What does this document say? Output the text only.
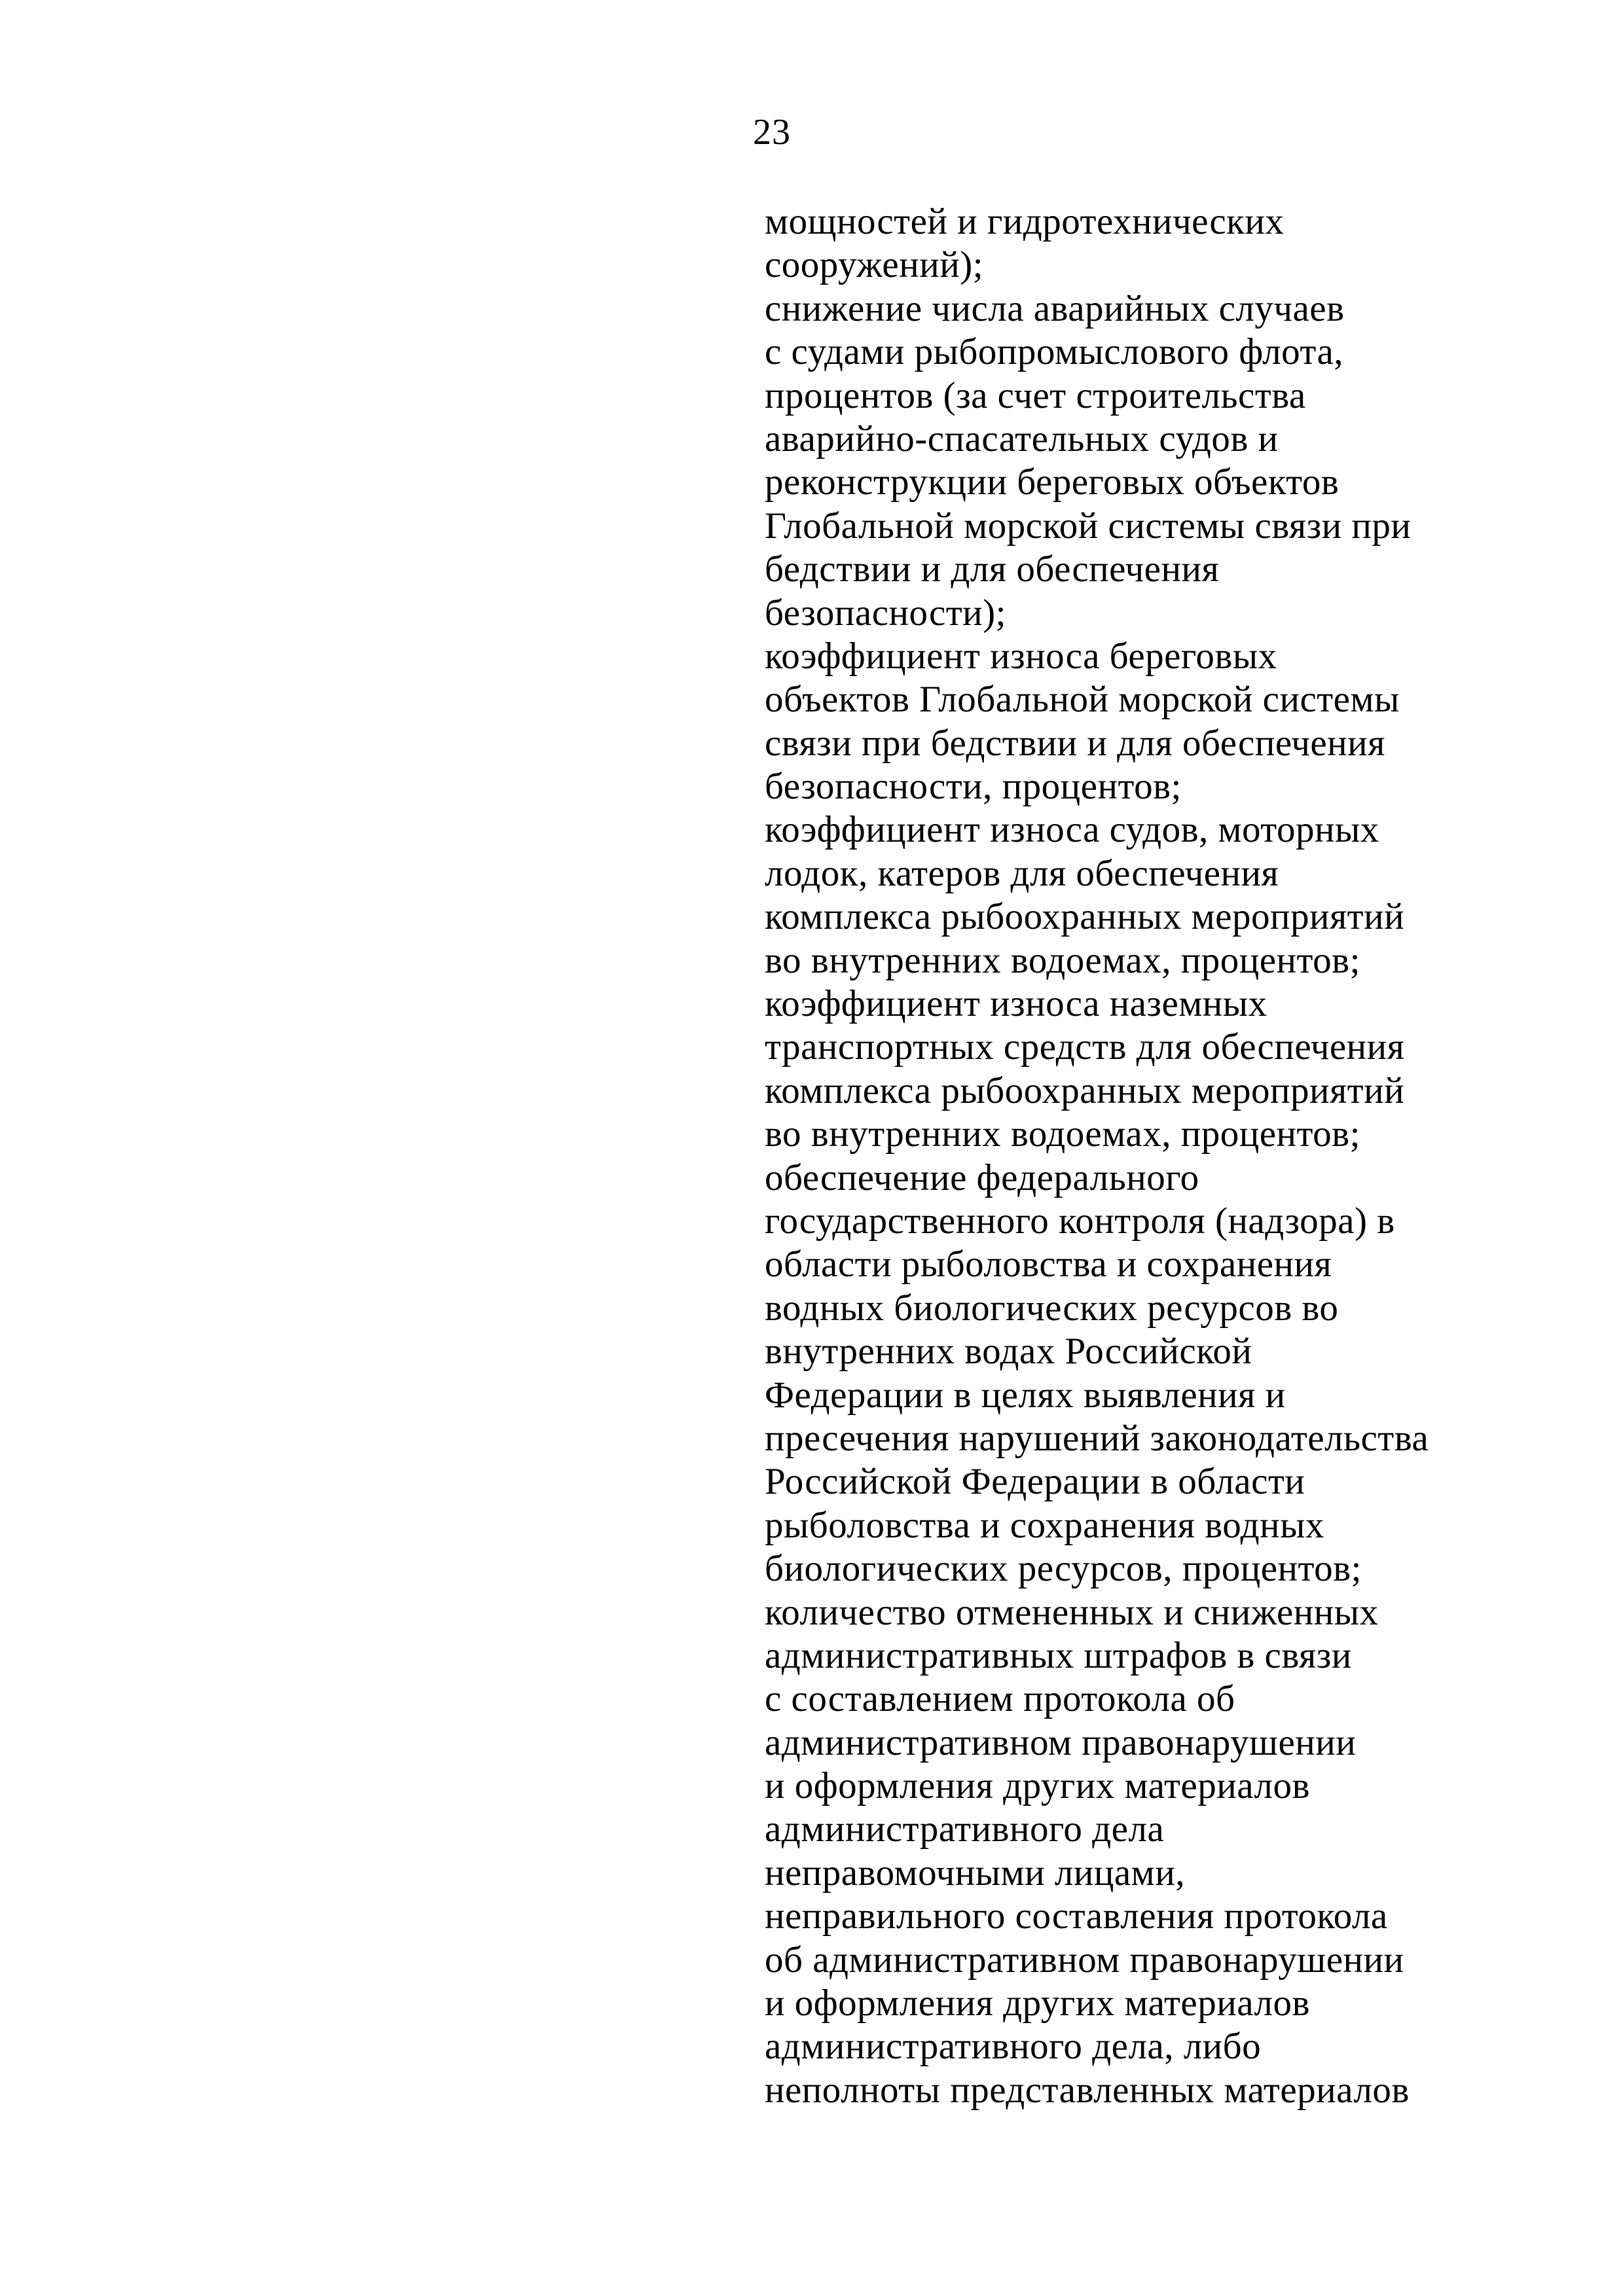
23
мощностей и гидротехнических
сооружений);
снижение числа аварийных случаев
с судами рыбопромыслового флота,
процентов (за счет строительства
аварийно-спасательных судов и
реконструкции береговых объектов
Глобальной морской системы связи при
бедствии и для обеспечения
безопасности);
коэффициент износа береговых
объектов Глобальной морской системы
связи при бедствии и для обеспечения
безопасности, процентов;
коэффициент износа судов, моторных
лодок, катеров для обеспечения
комплекса рыбоохранных мероприятий
во внутренних водоемах, процентов;
коэффициент износа наземных
транспортных средств для обеспечения
комплекса рыбоохранных мероприятий
во внутренних водоемах, процентов;
обеспечение федерального
государственного контроля (надзора) в
области рыболовства и сохранения
водных биологических ресурсов во
внутренних водах Российской
Федерации в целях выявления и
пресечения нарушений законодательства
Российской Федерации в области
рыболовства и сохранения водных
биологических ресурсов, процентов;
количество отмененных и сниженных
административных штрафов в связи
с составлением протокола об
административном правонарушении
и оформления других материалов
административного дела
неправомочными лицами,
неправильного составления протокола
об административном правонарушении
и оформления других материалов
административного дела, либо
неполноты представленных материалов
